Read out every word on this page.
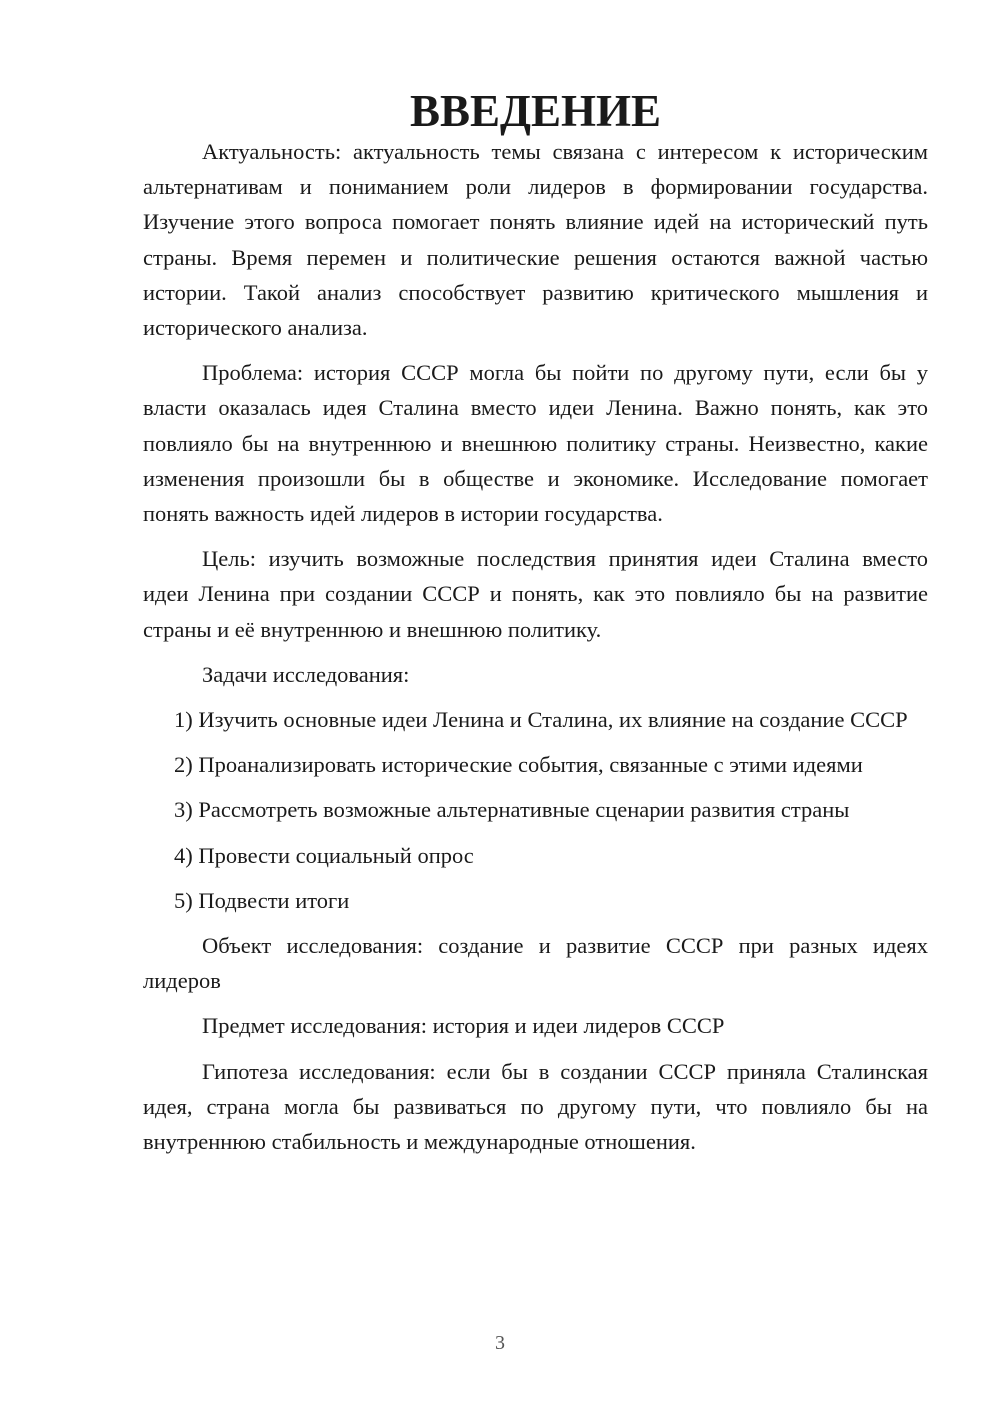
ВВЕДЕНИЕ

Актуальность: актуальность темы связана с интересом к историческим альтернативам и пониманием роли лидеров в формировании государства. Изучение этого вопроса помогает понять влияние идей на исторический путь страны. Время перемен и политические решения остаются важной частью истории. Такой анализ способствует развитию критического мышления и исторического анализа.

Проблема: история СССР могла бы пойти по другому пути, если бы у власти оказалась идея Сталина вместо идеи Ленина. Важно понять, как это повлияло бы на внутреннюю и внешнюю политику страны. Неизвестно, какие изменения произошли бы в обществе и экономике. Исследование помогает понять важность идей лидеров в истории государства.

Цель: изучить возможные последствия принятия идеи Сталина вместо идеи Ленина при создании СССР и понять, как это повлияло бы на развитие страны и её внутреннюю и внешнюю политику.

Задачи исследования:

1) Изучить основные идеи Ленина и Сталина, их влияние на создание СССР

2) Проанализировать исторические события, связанные с этими идеями

3) Рассмотреть возможные альтернативные сценарии развития страны

4) Провести социальный опрос

5) Подвести итоги

Объект исследования: создание и развитие СССР при разных идеях лидеров

Предмет исследования: история и идеи лидеров СССР

Гипотеза исследования: если бы в создании СССР приняла Сталинская идея, страна могла бы развиваться по другому пути, что повлияло бы на внутреннюю стабильность и международные отношения.

3
